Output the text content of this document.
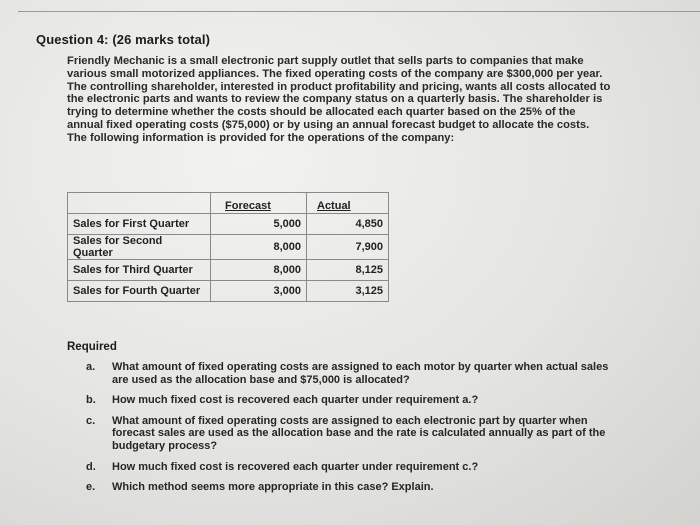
Question 4: (26 marks total)
Friendly Mechanic is a small electronic part supply outlet that sells parts to companies that make various small motorized appliances. The fixed operating costs of the company are $300,000 per year. The controlling shareholder, interested in product profitability and pricing, wants all costs allocated to the electronic parts and wants to review the company status on a quarterly basis. The shareholder is trying to determine whether the costs should be allocated each quarter based on the 25% of the annual fixed operating costs ($75,000) or by using an annual forecast budget to allocate the costs. The following information is provided for the operations of the company:
	Forecast	Actual
Sales for First Quarter	5,000	4,850
Sales for Second Quarter	8,000	7,900
Sales for Third Quarter	8,000	8,125
Sales for Fourth Quarter	3,000	3,125
Required
a.	What amount of fixed operating costs are assigned to each motor by quarter when actual sales are used as the allocation base and $75,000 is allocated?
b.	How much fixed cost is recovered each quarter under requirement a.?
c.	What amount of fixed operating costs are assigned to each electronic part by quarter when forecast sales are used as the allocation base and the rate is calculated annually as part of the budgetary process?
d.	How much fixed cost is recovered each quarter under requirement c.?
e.	Which method seems more appropriate in this case? Explain.
